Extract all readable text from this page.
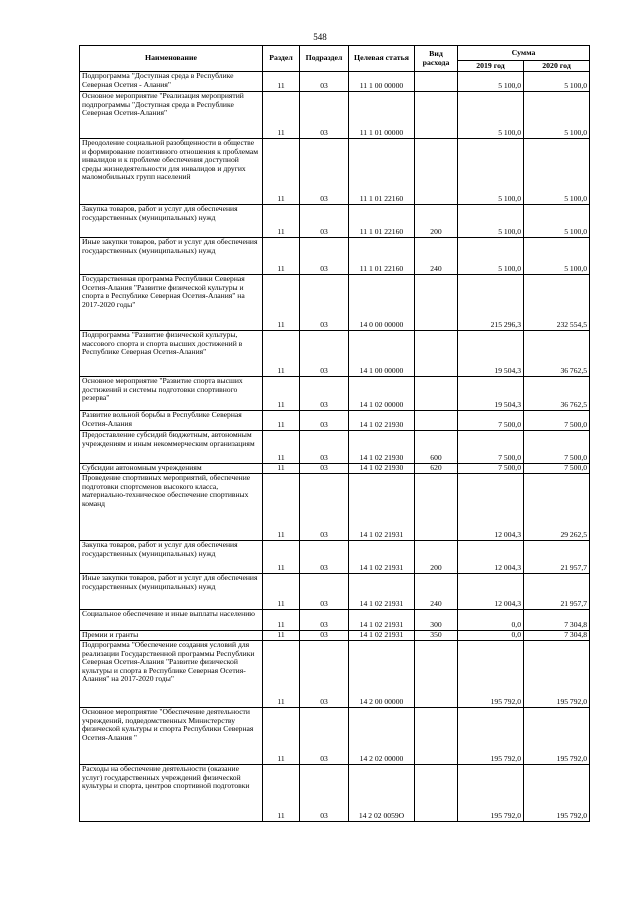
548
Наименование	Раздел	Подраздел	Целевая статья	Вид расхода	Сумма	
					2019 год	2020 год
Подпрограмма "Доступная среда в Республике Северная Осетия - Алания"	11	03	11 1 00 00000		5 100,0	5 100,0
Основное мероприятие "Реализация мероприятий подпрограммы "Доступная среда в Республике Северная Осетия-Алания"	11	03	11 1 01 00000		5 100,0	5 100,0
Преодоление социальной разобщенности в обществе и формирование позитивного отношения к проблемам инвалидов и к проблеме обеспечения доступной среды жизнедеятельности для инвалидов и других маломобильных групп населений	11	03	11 1 01 22160		5 100,0	5 100,0
Закупка товаров, работ и услуг для обеспечения государственных (муниципальных) нужд	11	03	11 1 01 22160	200	5 100,0	5 100,0
Иные закупки товаров, работ и услуг для обеспечения государственных (муниципальных) нужд	11	03	11 1 01 22160	240	5 100,0	5 100,0
Государственная программа Республики Северная Осетия-Алания "Развитие физической культуры и спорта в Республике Северная Осетия-Алания" на 2017-2020 годы"	11	03	14 0 00 00000		215 296,3	232 554,5
Подпрограмма "Развитие физической культуры, массового спорта и спорта высших достижений в Республике Северная Осетия-Алания"	11	03	14 1 00 00000		19 504,3	36 762,5
Основное мероприятие "Развитие спорта высших достижений и системы подготовки спортивного резерва"	11	03	14 1 02 00000		19 504,3	36 762,5
Развитие вольной борьбы в Республике Северная Осетия-Алания	11	03	14 1 02 21930		7 500,0	7 500,0
Предоставление субсидий бюджетным, автономным учреждениям и иным некоммерческим организациям	11	03	14 1 02 21930	600	7 500,0	7 500,0
Субсидии автономным учреждениям	11	03	14 1 02 21930	620	7 500,0	7 500,0
Проведение спортивных мероприятий, обеспечение подготовки спортсменов высокого класса, материально-техническое обеспечение спортивных команд	11	03	14 1 02 21931		12 004,3	29 262,5
Закупка товаров, работ и услуг для обеспечения государственных (муниципальных) нужд	11	03	14 1 02 21931	200	12 004,3	21 957,7
Иные закупки товаров, работ и услуг для обеспечения государственных (муниципальных) нужд	11	03	14 1 02 21931	240	12 004,3	21 957,7
Социальное обеспечение и иные выплаты населению	11	03	14 1 02 21931	300	0,0	7 304,8
Премии и гранты	11	03	14 1 02 21931	350	0,0	7 304,8
Подпрограмма "Обеспечение создания условий для реализации Государственной программы Республики Северная Осетия-Алания "Развитие физической культуры и спорта в Республике Северная Осетия-Алания" на 2017-2020 годы"	11	03	14 2 00 00000		195 792,0	195 792,0
Основное мероприятие "Обеспечение деятельности учреждений, подведомственных Министерству физической культуры и спорта Республики Северная Осетия-Алания "	11	03	14 2 02 00000		195 792,0	195 792,0
Расходы на обеспечение деятельности (оказание услуг) государственных учреждений физической культуры и спорта, центров спортивной подготовки	11	03	14 2 02 0059О		195 792,0	195 792,0
